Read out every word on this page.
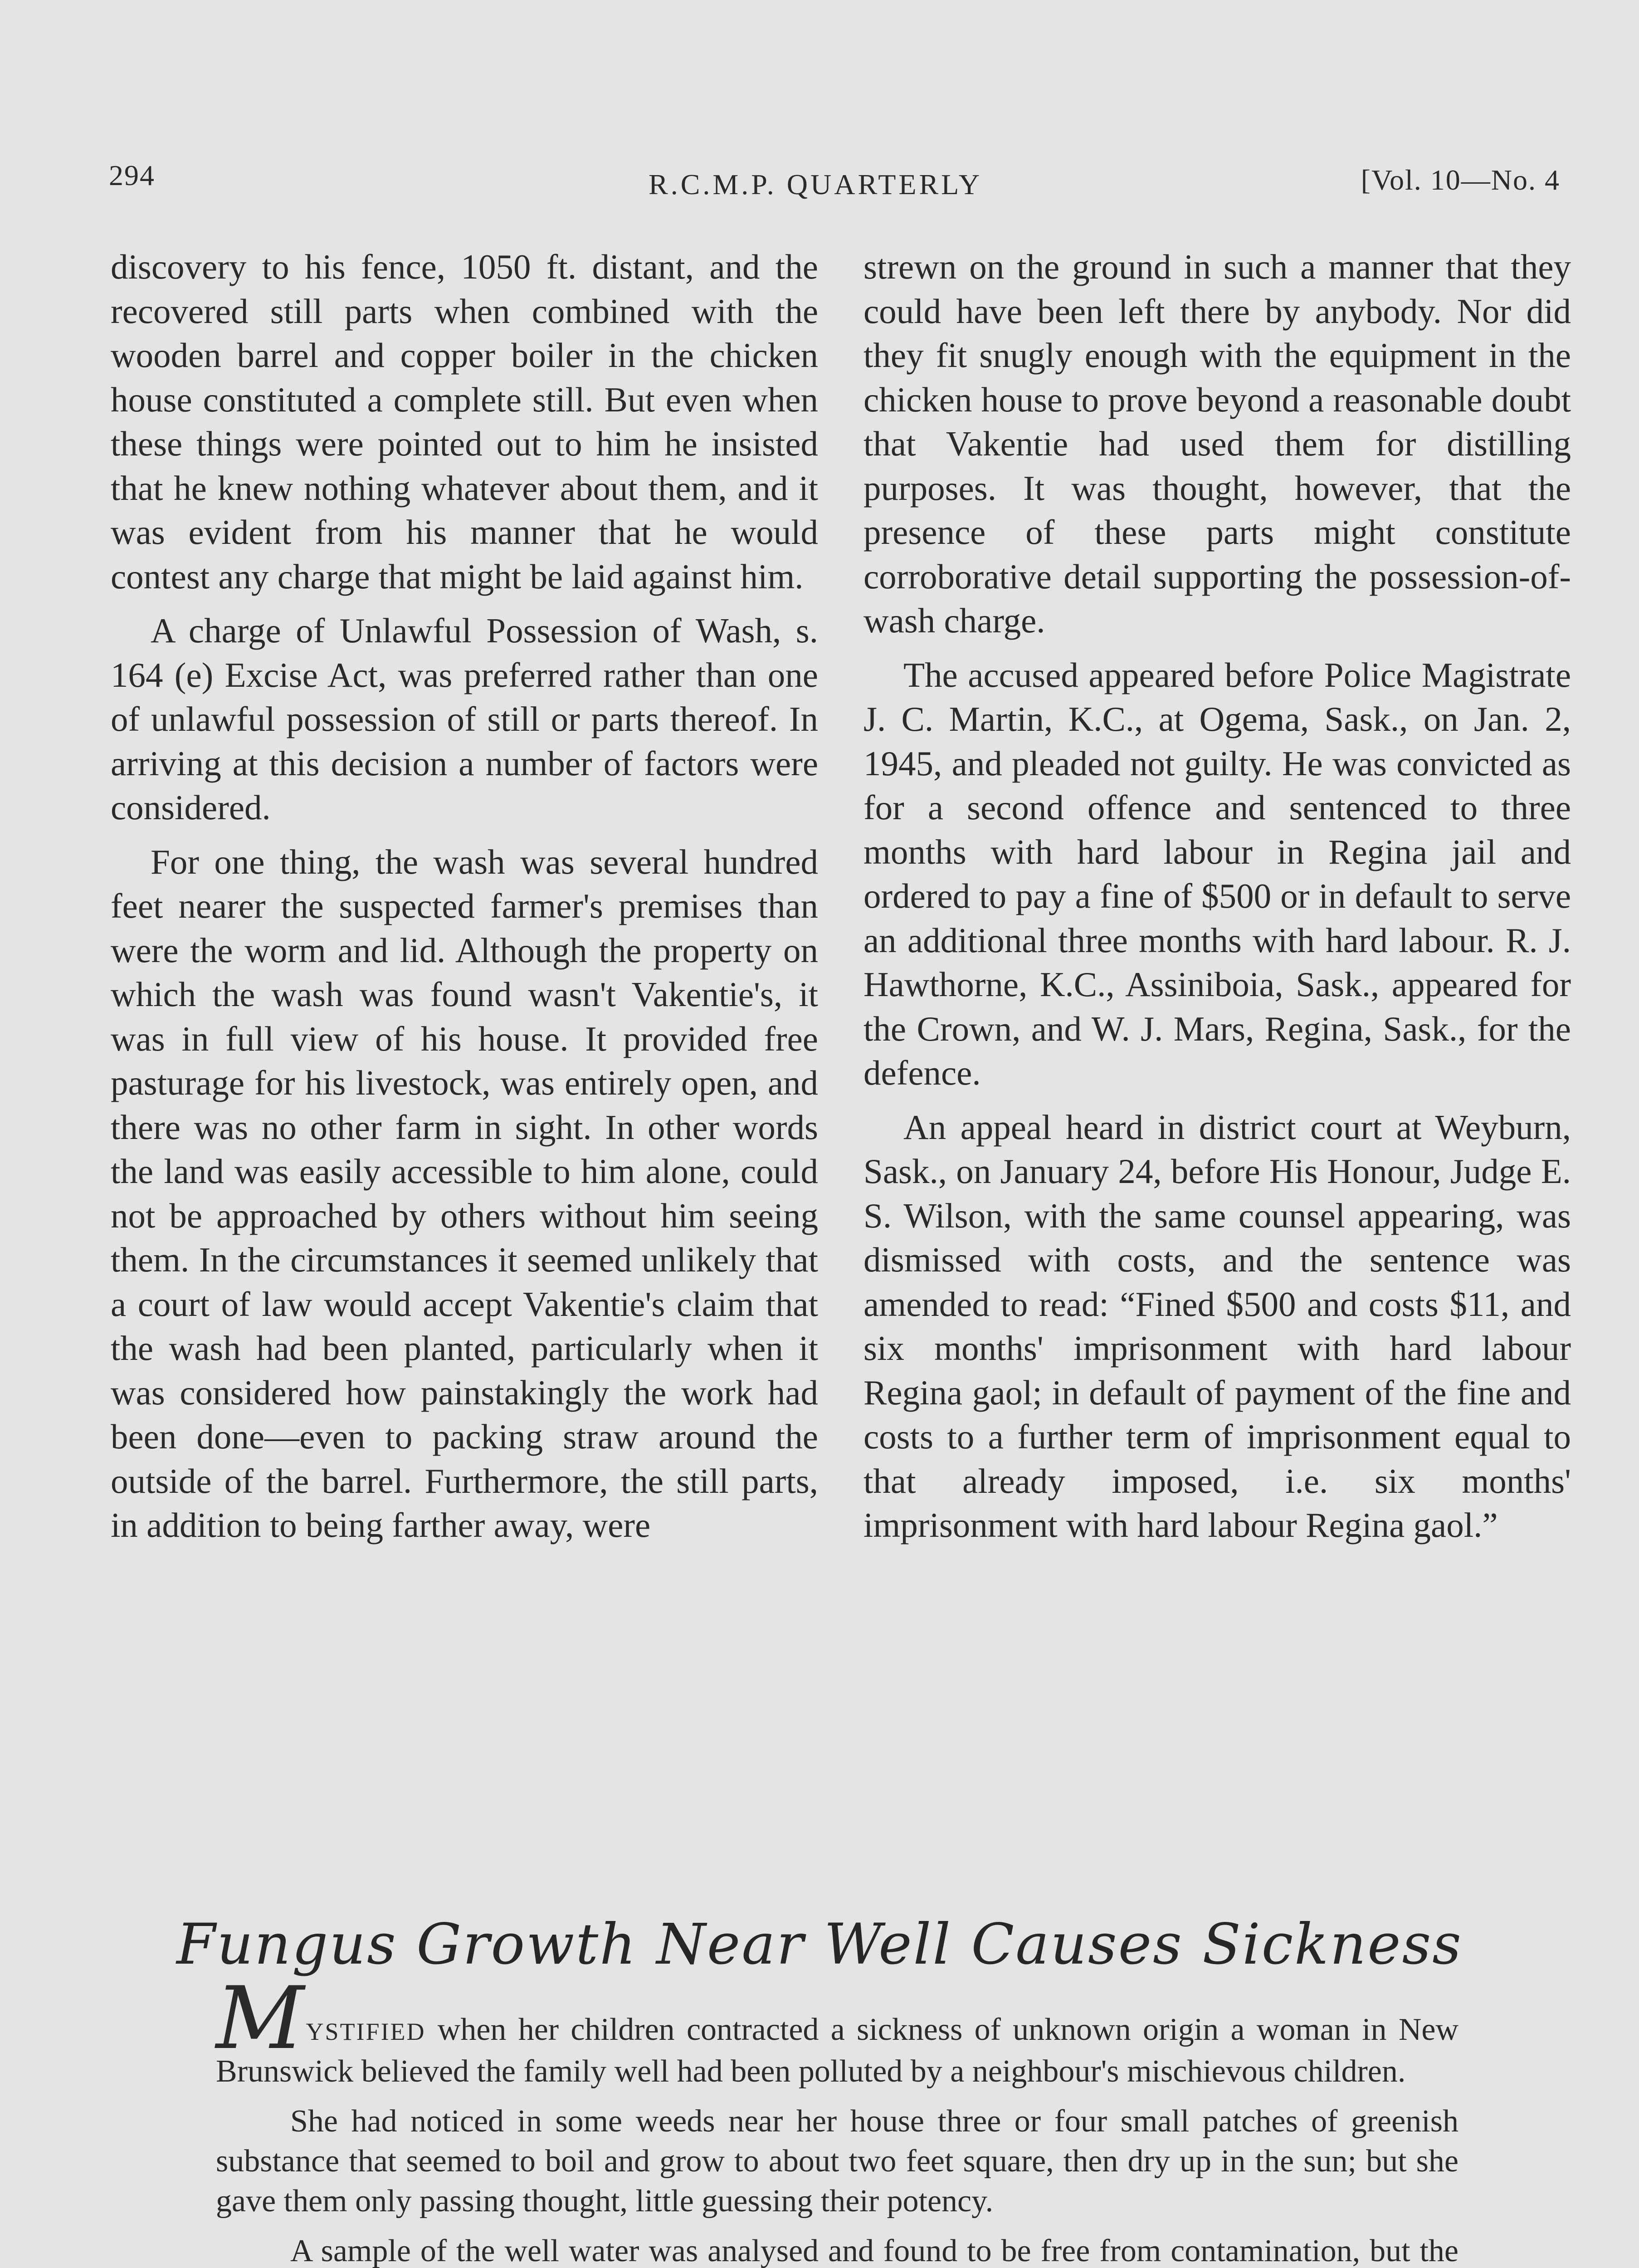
294	R.C.M.P. QUARTERLY	[Vol. 10—No. 4

discovery to his fence, 1050 ft. distant, and the recovered still parts when combined with the wooden barrel and copper boiler in the chicken house constituted a complete still. But even when these things were pointed out to him he insisted that he knew nothing whatever about them, and it was evident from his manner that he would contest any charge that might be laid against him.

A charge of Unlawful Possession of Wash, s. 164 (e) Excise Act, was preferred rather than one of unlawful possession of still or parts thereof. In arriving at this decision a number of factors were considered.

For one thing, the wash was several hundred feet nearer the suspected farmer's premises than were the worm and lid. Although the property on which the wash was found wasn't Vakentie's, it was in full view of his house. It provided free pasturage for his livestock, was entirely open, and there was no other farm in sight. In other words the land was easily accessible to him alone, could not be approached by others without him seeing them. In the circumstances it seemed unlikely that a court of law would accept Vakentie's claim that the wash had been planted, particularly when it was considered how painstakingly the work had been done—even to packing straw around the outside of the barrel. Furthermore, the still parts, in addition to being farther away, were

strewn on the ground in such a manner that they could have been left there by anybody. Nor did they fit snugly enough with the equipment in the chicken house to prove beyond a reasonable doubt that Vakentie had used them for distilling purposes. It was thought, however, that the presence of these parts might constitute corroborative detail supporting the possession-of-wash charge.

The accused appeared before Police Magistrate J. C. Martin, K.C., at Ogema, Sask., on Jan. 2, 1945, and pleaded not guilty. He was convicted as for a second offence and sentenced to three months with hard labour in Regina jail and ordered to pay a fine of $500 or in default to serve an additional three months with hard labour. R. J. Hawthorne, K.C., Assiniboia, Sask., appeared for the Crown, and W. J. Mars, Regina, Sask., for the defence.

An appeal heard in district court at Weyburn, Sask., on January 24, before His Honour, Judge E. S. Wilson, with the same counsel appearing, was dismissed with costs, and the sentence was amended to read: “Fined $500 and costs $11, and six months' imprisonment with hard labour Regina gaol; in default of payment of the fine and costs to a further term of imprisonment equal to that already imposed, i.e. six months' imprisonment with hard labour Regina gaol.”

Fungus Growth Near Well Causes Sickness

MYSTIFIED when her children contracted a sickness of unknown origin a woman in New Brunswick believed the family well had been polluted by a neighbour's mischievous children.

She had noticed in some weeds near her house three or four small patches of greenish substance that seemed to boil and grow to about two feet square, then dry up in the sun; but she gave them only passing thought, little guessing their potency.

A sample of the well water was analysed and found to be free from contamination, but the
